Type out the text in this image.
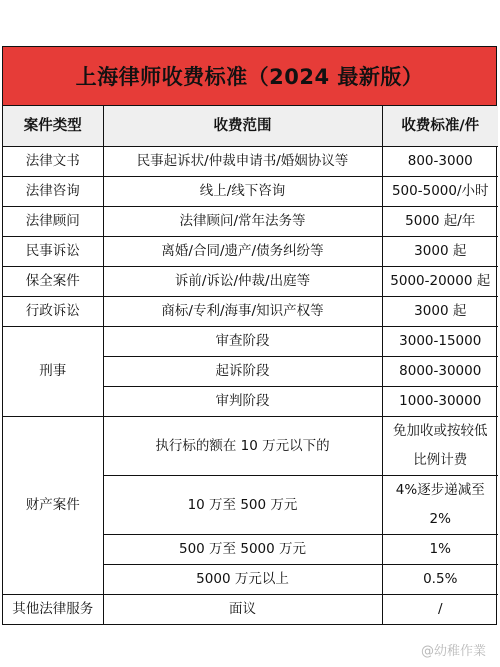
上海律师收费标准（2024 最新版）
案件类型	收费范围	收费标准/件
法律文书	民事起诉状/仲裁申请书/婚姻协议等	800-3000
法律咨询	线上/线下咨询	500-5000/小时
法律顾问	法律顾问/常年法务等	5000 起/年
民事诉讼	离婚/合同/遗产/债务纠纷等	3000 起
保全案件	诉前/诉讼/仲裁/出庭等	5000-20000 起
行政诉讼	商标/专利/海事/知识产权等	3000 起
刑事	审查阶段	3000-15000
	起诉阶段	8000-30000
	审判阶段	1000-30000
财产案件	执行标的额在 10 万元以下的	免加收或按较低
比例计费

	10 万至 500 万元	4%逐步递减至
2%

	500 万至 5000 万元	1%
	5000 万元以上	0.5%
其他法律服务	面议	/
@幼稚作業
